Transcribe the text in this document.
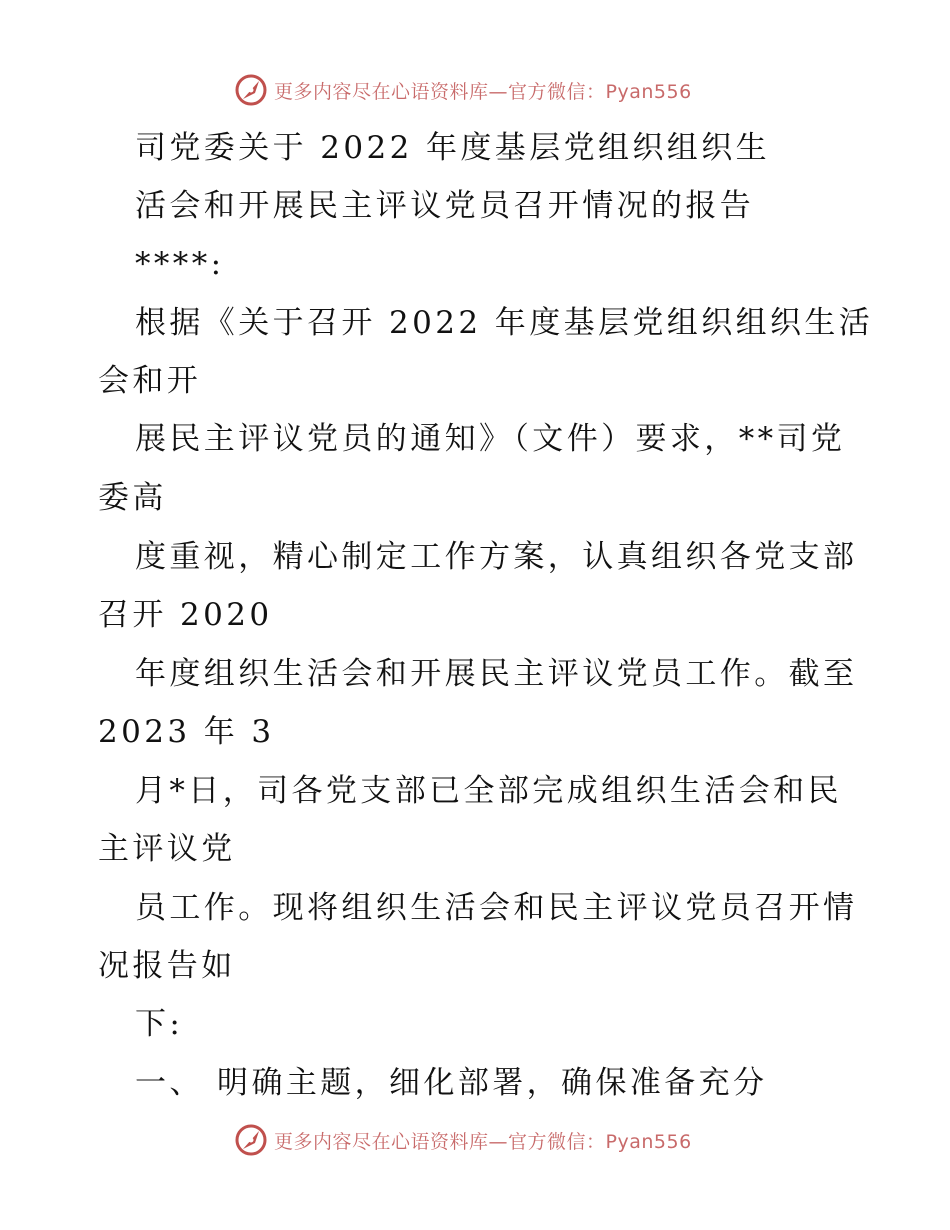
更多内容尽在心语资料库—官方微信：Pyan556
司党委关于 2022 年度基层党组织组织生
活会和开展民主评议党员召开情况的报告
****:
根据《关于召开 2022 年度基层党组织组织生活
会和开
展民主评议党员的通知》（文件）要求，**司党
委高
度重视，精心制定工作方案，认真组织各党支部
召开 2020
年度组织生活会和开展民主评议党员工作。截至
2023 年 3
月*日，司各党支部已全部完成组织生活会和民
主评议党
员工作。现将组织生活会和民主评议党员召开情
况报告如
下:
一、 明确主题，细化部署，确保准备充分
更多内容尽在心语资料库—官方微信：Pyan556
